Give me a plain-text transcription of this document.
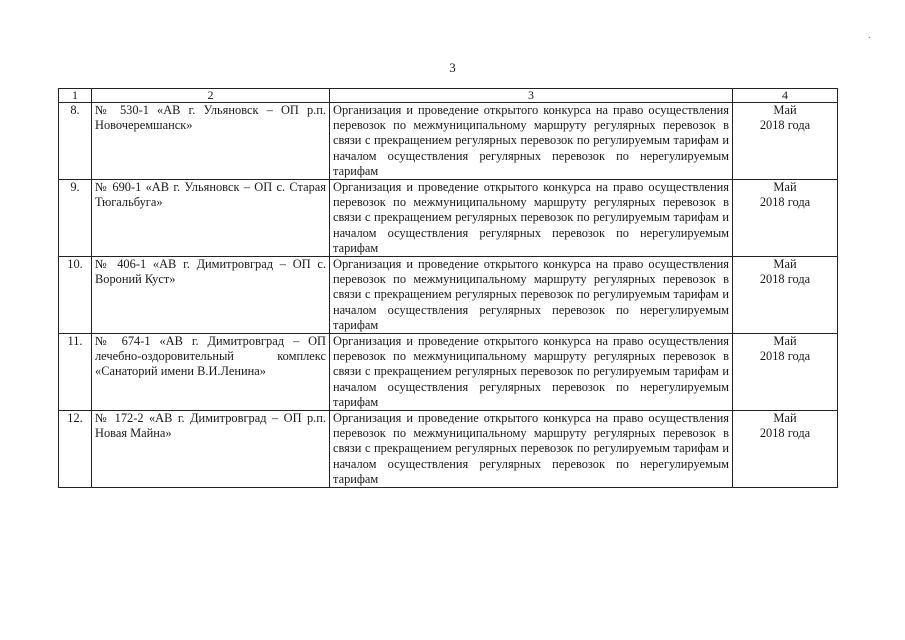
3
.
1	2	3	4
8.	№ 530-1 «АВ г. Ульяновск – ОП р.п. Новочеремшанск»	Организация и проведение открытого конкурса на право осуществления перевозок по межмуниципальному маршруту регулярных перевозок в связи с прекращением регулярных перевозок по регулируемым тарифам и началом осуществления регулярных перевозок по нерегулируемым тарифам	Май
2018 года

9.	№ 690-1 «АВ г. Ульяновск – ОП с. Старая Тюгальбуга»	Организация и проведение открытого конкурса на право осуществления перевозок по межмуниципальному маршруту регулярных перевозок в связи с прекращением регулярных перевозок по регулируемым тарифам и началом осуществления регулярных перевозок по нерегулируемым тарифам	Май
2018 года

10.	№ 406-1 «АВ г. Димитровград – ОП с. Вороний Куст»	Организация и проведение открытого конкурса на право осуществления перевозок по межмуниципальному маршруту регулярных перевозок в связи с прекращением регулярных перевозок по регулируемым тарифам и началом осуществления регулярных перевозок по нерегулируемым тарифам	Май
2018 года

11.	№ 674-1 «АВ г. Димитровград – ОП лечебно-оздоровительный комплекс «Санаторий имени В.И.Ленина»	Организация и проведение открытого конкурса на право осуществления перевозок по межмуниципальному маршруту регулярных перевозок в связи с прекращением регулярных перевозок по регулируемым тарифам и началом осуществления регулярных перевозок по нерегулируемым тарифам	Май
2018 года

12.	№ 172-2 «АВ г. Димитровград – ОП р.п. Новая Майна»	Организация и проведение открытого конкурса на право осуществления перевозок по межмуниципальному маршруту регулярных перевозок в связи с прекращением регулярных перевозок по регулируемым тарифам и началом осуществления регулярных перевозок по нерегулируемым тарифам	Май
2018 года
